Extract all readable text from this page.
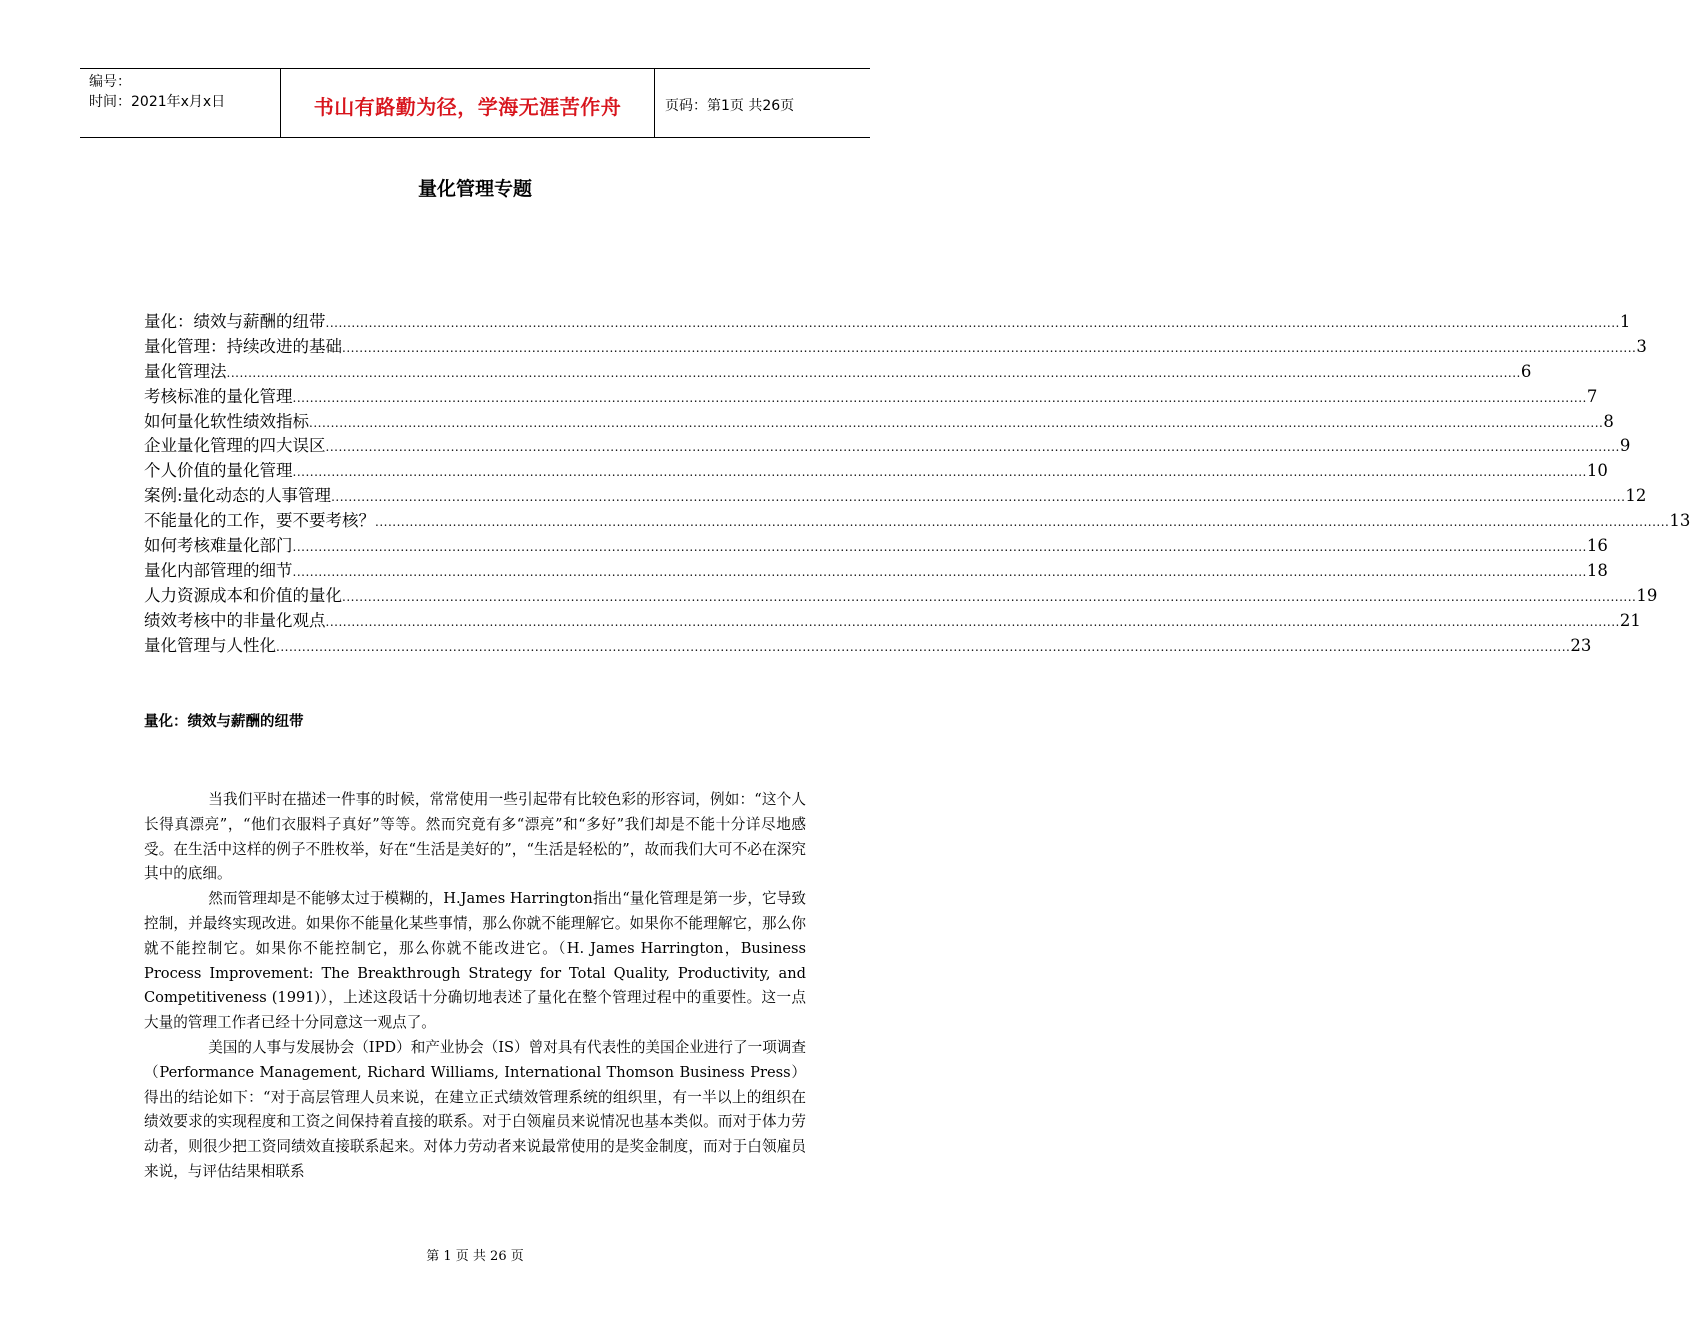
编号：
时间：2021年x月x日	书山有路勤为径，学海无涯苦作舟	页码：第1页 共26页
量化管理专题
量化：绩效与薪酬的纽带 ............................................................................................................................................................................................................................................................................................................ 1
量化管理：持续改进的基础 ............................................................................................................................................................................................................................................................................................................ 3
量化管理法 ............................................................................................................................................................................................................................................................................................................ 6
考核标准的量化管理 ............................................................................................................................................................................................................................................................................................................ 7
如何量化软性绩效指标 ............................................................................................................................................................................................................................................................................................................ 8
企业量化管理的四大误区 ............................................................................................................................................................................................................................................................................................................ 9
个人价值的量化管理 ............................................................................................................................................................................................................................................................................................................ 10
案例:量化动态的人事管理 ............................................................................................................................................................................................................................................................................................................ 12
不能量化的工作，要不要考核？ ............................................................................................................................................................................................................................................................................................................ 13
如何考核难量化部门 ............................................................................................................................................................................................................................................................................................................ 16
量化内部管理的细节 ............................................................................................................................................................................................................................................................................................................ 18
人力资源成本和价值的量化 ............................................................................................................................................................................................................................................................................................................ 19
绩效考核中的非量化观点 ............................................................................................................................................................................................................................................................................................................ 21
量化管理与人性化 ............................................................................................................................................................................................................................................................................................................ 23
量化：绩效与薪酬的纽带

当我们平时在描述一件事的时候，常常使用一些引起带有比较色彩的形容词，例如：“这个人长得真漂亮”，“他们衣服料子真好”等等。然而究竟有多“漂亮”和“多好”我们却是不能十分详尽地感受。在生活中这样的例子不胜枚举，好在“生活是美好的”，“生活是轻松的”，故而我们大可不必在深究其中的底细。

然而管理却是不能够太过于模糊的，H.James Harrington指出“量化管理是第一步，它导致控制，并最终实现改进。如果你不能量化某些事情，那么你就不能理解它。如果你不能理解它，那么你就不能控制它。如果你不能控制它，那么你就不能改进它。（H. James Harrington，Business Process Improvement: The Breakthrough Strategy for Total Quality, Productivity, and Competitiveness (1991)），上述这段话十分确切地表述了量化在整个管理过程中的重要性。这一点大量的管理工作者已经十分同意这一观点了。

美国的人事与发展协会（IPD）和产业协会（IS）曾对具有代表性的美国企业进行了一项调查（Performance Management, Richard Williams, International Thomson Business Press）得出的结论如下：“对于高层管理人员来说，在建立正式绩效管理系统的组织里，有一半以上的组织在绩效要求的实现程度和工资之间保持着直接的联系。对于白领雇员来说情况也基本类似。而对于体力劳动者，则很少把工资同绩效直接联系起来。对体力劳动者来说最常使用的是奖金制度，而对于白领雇员来说，与评估结果相联系

第 1 页 共 26 页
